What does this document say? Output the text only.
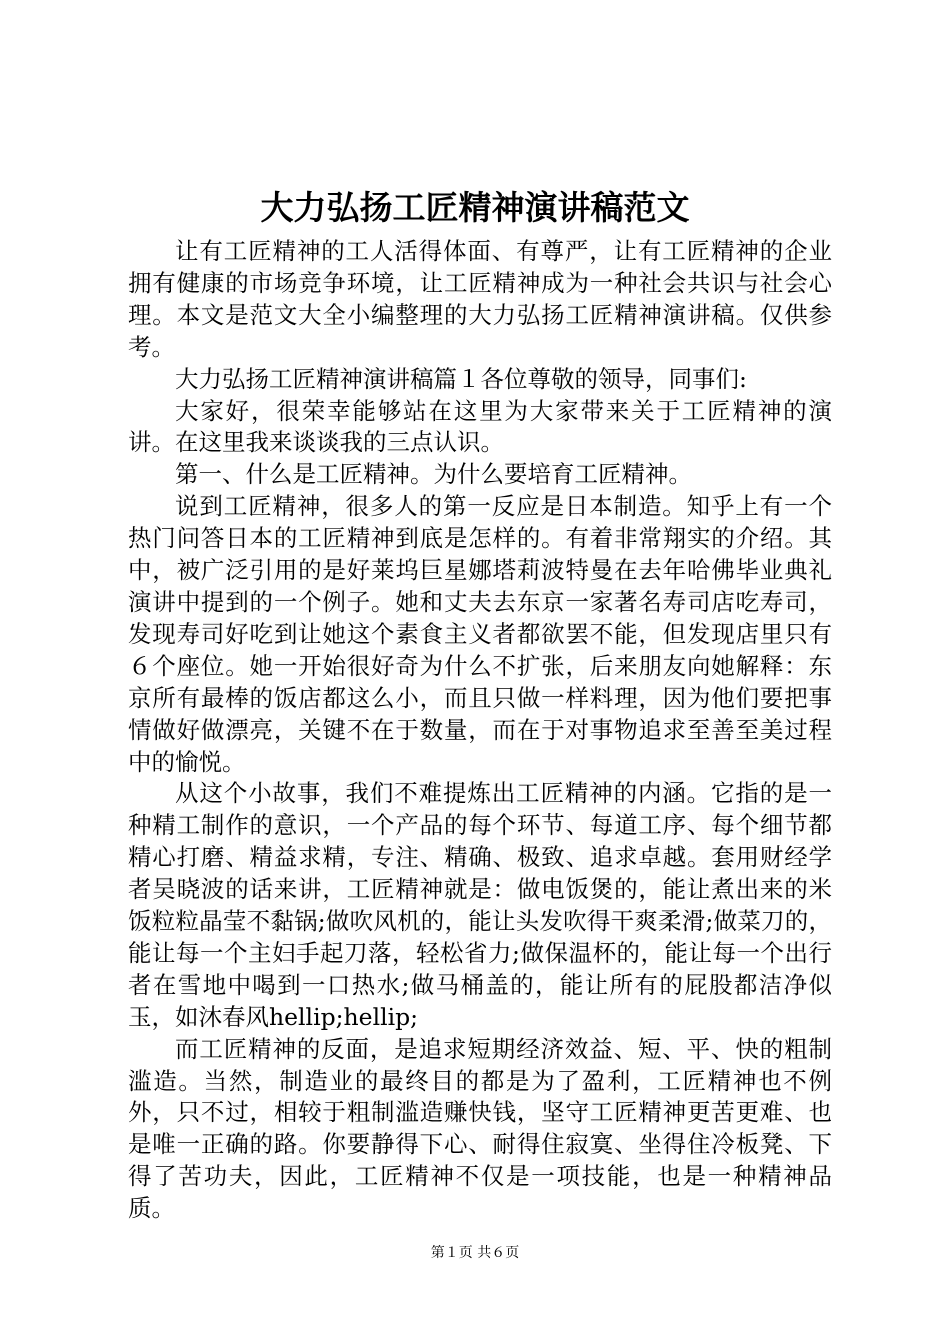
大力弘扬工匠精神演讲稿范文

让有工匠精神的工人活得体面、有尊严，让有工匠精神的企业拥有健康的市场竞争环境，让工匠精神成为一种社会共识与社会心理。本文是范文大全小编整理的大力弘扬工匠精神演讲稿。仅供参考。

大力弘扬工匠精神演讲稿篇１各位尊敬的领导，同事们:

大家好，很荣幸能够站在这里为大家带来关于工匠精神的演讲。在这里我来谈谈我的三点认识。

第一、什么是工匠精神。为什么要培育工匠精神。

说到工匠精神，很多人的第一反应是日本制造。知乎上有一个热门问答日本的工匠精神到底是怎样的。有着非常翔实的介绍。其中，被广泛引用的是好莱坞巨星娜塔莉波特曼在去年哈佛毕业典礼演讲中提到的一个例子。她和丈夫去东京一家著名寿司店吃寿司，发现寿司好吃到让她这个素食主义者都欲罢不能，但发现店里只有６个座位。她一开始很好奇为什么不扩张，后来朋友向她解释：东京所有最棒的饭店都这么小，而且只做一样料理，因为他们要把事情做好做漂亮，关键不在于数量，而在于对事物追求至善至美过程中的愉悦。

从这个小故事，我们不难提炼出工匠精神的内涵。它指的是一种精工制作的意识，一个产品的每个环节、每道工序、每个细节都精心打磨、精益求精，专注、精确、极致、追求卓越。套用财经学者吴晓波的话来讲，工匠精神就是：做电饭煲的，能让煮出来的米饭粒粒晶莹不黏锅;做吹风机的，能让头发吹得干爽柔滑;做菜刀的，能让每一个主妇手起刀落，轻松省力;做保温杯的，能让每一个出行者在雪地中喝到一口热水;做马桶盖的，能让所有的屁股都洁净似玉，如沐春风hellip;hellip;

而工匠精神的反面，是追求短期经济效益、短、平、快的粗制滥造。当然，制造业的最终目的都是为了盈利，工匠精神也不例外，只不过，相较于粗制滥造赚快钱，坚守工匠精神更苦更难、也是唯一正确的路。你要静得下心、耐得住寂寞、坐得住冷板凳、下得了苦功夫，因此，工匠精神不仅是一项技能，也是一种精神品质。

第１页 共６页
